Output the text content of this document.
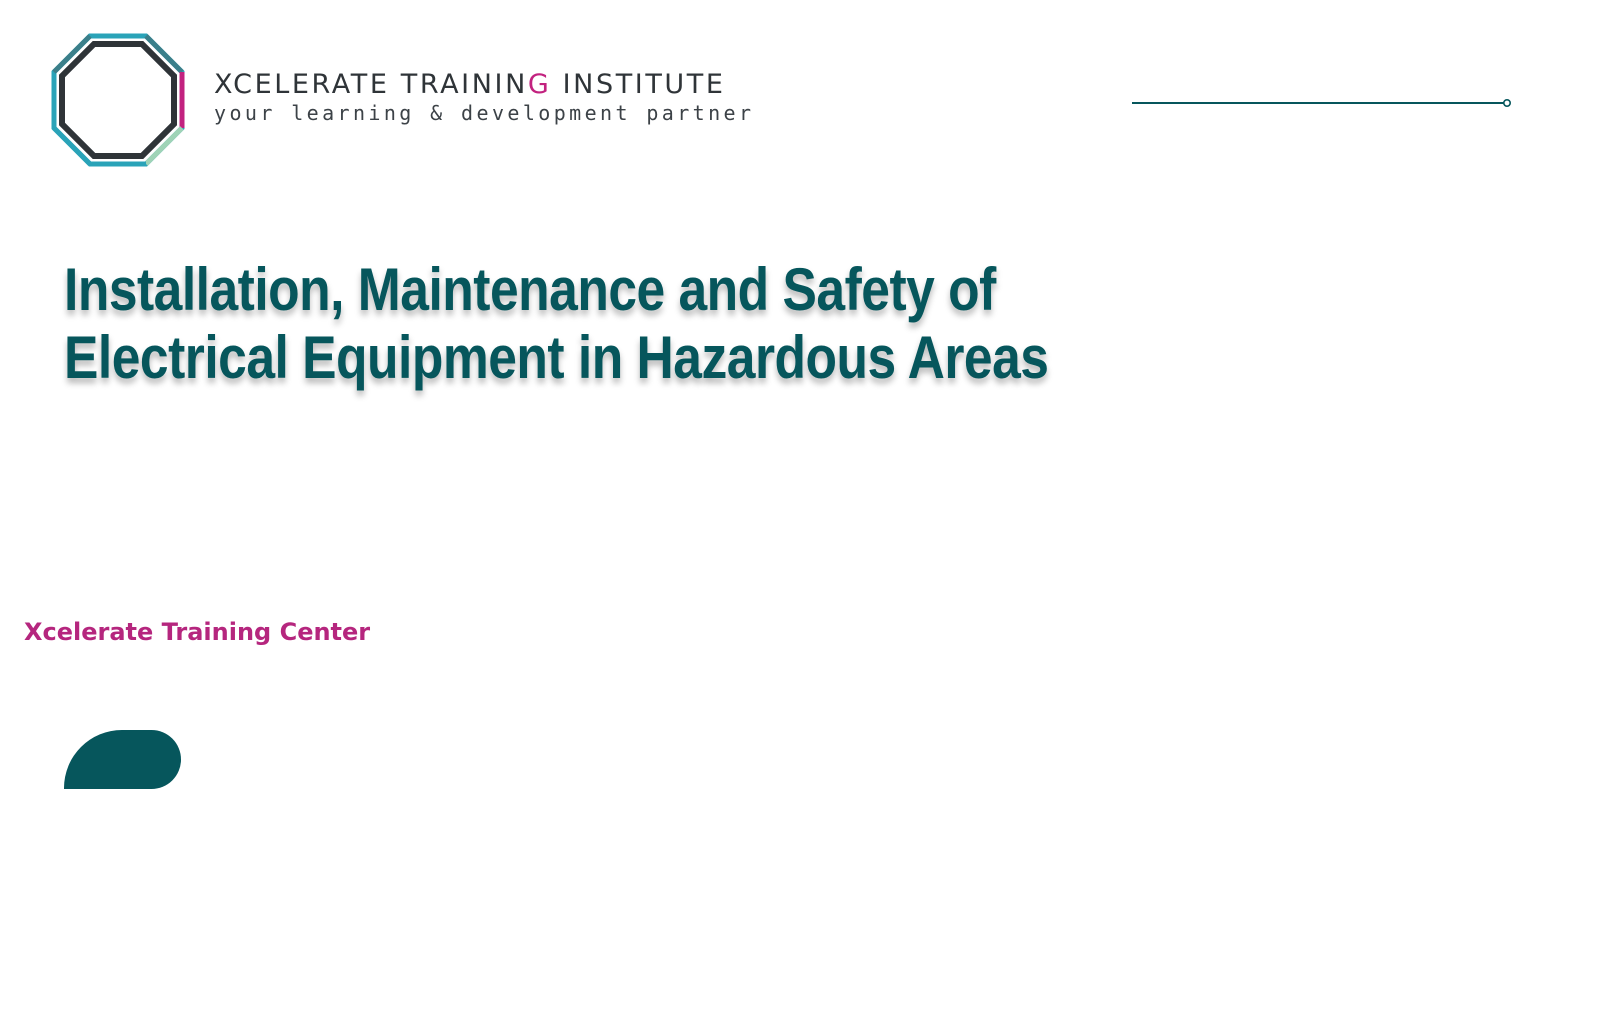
XCELERATE TRAINING INSTITUTE
your learning & development partner
Installation, Maintenance and Safety of
Electrical Equipment in Hazardous Areas
Xcelerate Training Center
